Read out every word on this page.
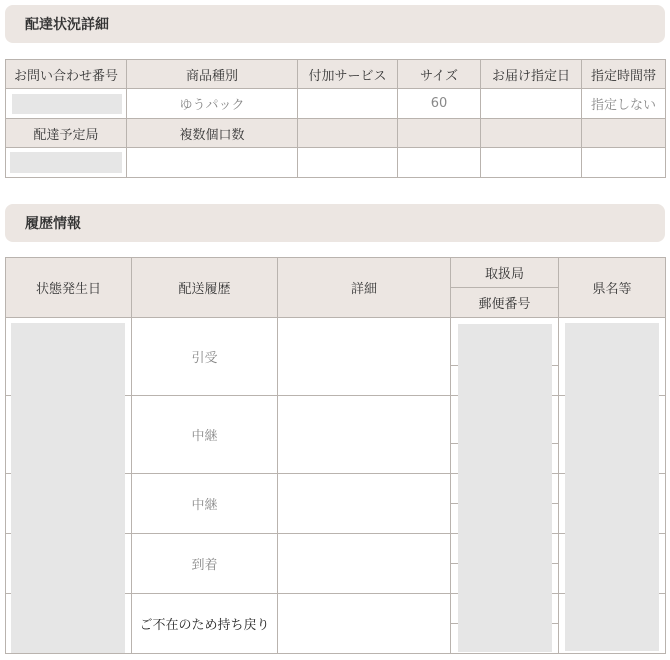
配達状況詳細
お問い合わせ番号	商品種別	付加サービス	サイズ	お届け指定日	指定時間帯

	ゆうパック		60		指定しない
配達予定局	複数個口数				

履歴情報
状態発生日	配送履歴	詳細	取扱局	県名等
			郵便番号	
	引受			

	中継			

	中継			

	到着			

	ご不在のため持ち戻り			
